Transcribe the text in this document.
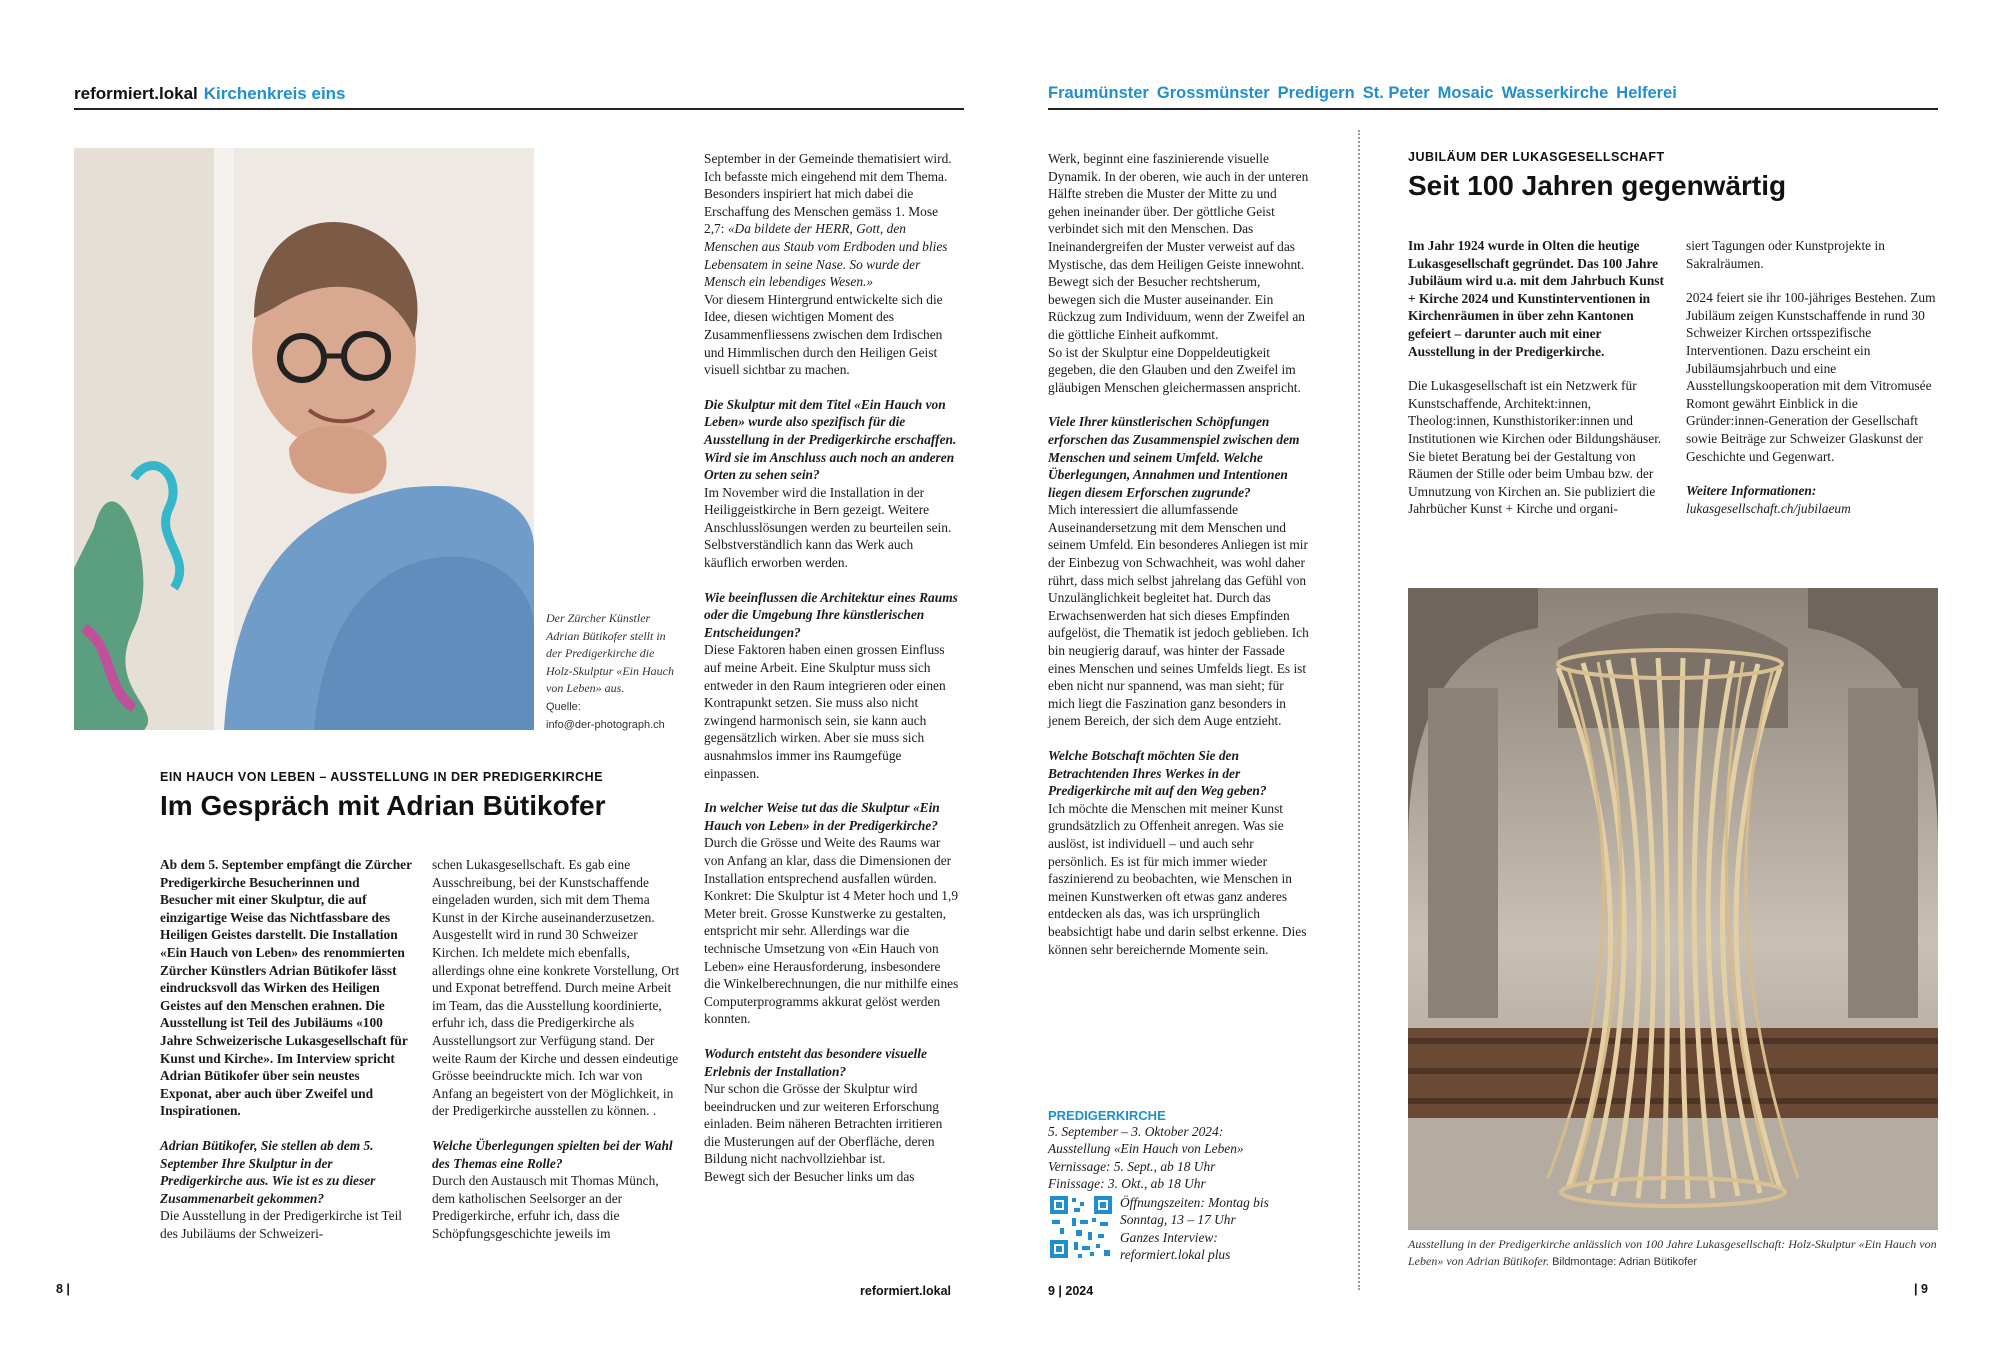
reformiert.lokal Kirchenkreis eins	Fraumünster Grossmünster Predigern St. Peter Mosaic Wasserkirche Helferei
Der Zürcher Künstler Adrian Bütikofer stellt in der Predigerkirche die Holz-Skulptur «Ein Hauch von Leben» aus.
Quelle:
info@der-photograph.ch
EIN HAUCH VON LEBEN – AUSSTELLUNG IN DER PREDIGERKIRCHE
Im Gespräch mit Adrian Bütikofer

Ab dem 5. September empfängt die Zürcher Predigerkirche Besucherinnen und Besucher mit einer Skulptur, die auf einzigartige Weise das Nichtfassbare des Heiligen Geistes darstellt. Die Installation «Ein Hauch von Leben» des renommierten Zürcher Künstlers Adrian Bütikofer lässt eindrucksvoll das Wirken des Heiligen Geistes auf den Menschen erahnen. Die Ausstellung ist Teil des Jubiläums «100 Jahre Schweizerische Lukasgesellschaft für Kunst und Kirche». Im Interview spricht Adrian Bütikofer über sein neustes Exponat, aber auch über Zweifel und Inspirationen.

Adrian Bütikofer, Sie stellen ab dem 5. September Ihre Skulptur in der Predigerkirche aus. Wie ist es zu dieser Zusammenarbeit gekommen?
Die Ausstellung in der Predigerkirche ist Teil des Jubiläums der Schweizeri-

schen Lukasgesellschaft. Es gab eine Ausschreibung, bei der Kunstschaffende eingeladen wurden, sich mit dem Thema Kunst in der Kirche auseinanderzusetzen. Ausgestellt wird in rund 30 Schweizer Kirchen. Ich meldete mich ebenfalls, allerdings ohne eine konkrete Vorstellung, Ort und Exponat betreffend. Durch meine Arbeit im Team, das die Ausstellung koordinierte, erfuhr ich, dass die Predigerkirche als Ausstellungsort zur Verfügung stand. Der weite Raum der Kirche und dessen eindeutige Grösse beeindruckte mich. Ich war von Anfang an begeistert von der Möglichkeit, in der Predigerkirche ausstellen zu können. .

Welche Überlegungen spielten bei der Wahl des Themas eine Rolle?
Durch den Austausch mit Thomas Münch, dem katholischen Seelsorger an der Predigerkirche, erfuhr ich, dass die Schöpfungsgeschichte jeweils im
September in der Gemeinde thematisiert wird. Ich befasste mich eingehend mit dem Thema. Besonders inspiriert hat mich dabei die Erschaffung des Menschen gemäss 1. Mose 2,7: «Da bildete der HERR, Gott, den Menschen aus Staub vom Erdboden und blies Lebensatem in seine Nase. So wurde der Mensch ein lebendiges Wesen.»

Vor diesem Hintergrund entwickelte sich die Idee, diesen wichtigen Moment des Zusammenfliessens zwischen dem Irdischen und Himmlischen durch den Heiligen Geist visuell sichtbar zu machen.

Die Skulptur mit dem Titel «Ein Hauch von Leben» wurde also spezifisch für die Ausstellung in der Predigerkirche erschaffen. Wird sie im Anschluss auch noch an anderen Orten zu sehen sein?

Im November wird die Installation in der Heiliggeistkirche in Bern gezeigt. Weitere Anschlusslösungen werden zu beurteilen sein. Selbstverständlich kann das Werk auch käuflich erworben werden.

Wie beeinflussen die Architektur eines Raums oder die Umgebung Ihre künstlerischen Entscheidungen?

Diese Faktoren haben einen grossen Einfluss auf meine Arbeit. Eine Skulptur muss sich entweder in den Raum integrieren oder einen Kontrapunkt setzen. Sie muss also nicht zwingend harmonisch sein, sie kann auch gegensätzlich wirken. Aber sie muss sich ausnahmslos immer ins Raumgefüge einpassen.

In welcher Weise tut das die Skulptur «Ein Hauch von Leben» in der Predigerkirche?

Durch die Grösse und Weite des Raums war von Anfang an klar, dass die Dimensionen der Installation entsprechend ausfallen würden. Konkret: Die Skulptur ist 4 Meter hoch und 1,9 Meter breit. Grosse Kunstwerke zu gestalten, entspricht mir sehr. Allerdings war die technische Umsetzung von «Ein Hauch von Leben» eine Herausforderung, insbesondere die Winkelberechnungen, die nur mithilfe eines Computerprogramms akkurat gelöst werden konnten.

Wodurch entsteht das besondere visuelle Erlebnis der Installation?
Nur schon die Grösse der Skulptur wird beeindrucken und zur weiteren Erforschung einladen. Beim näheren Betrachten irritieren die Musterungen auf der Oberfläche, deren Bildung nicht nachvollziehbar ist.
Bewegt sich der Besucher links um das
8 |	reformiert.lokal
Werk, beginnt eine faszinierende visuelle Dynamik. In der oberen, wie auch in der unteren Hälfte streben die Muster der Mitte zu und gehen ineinander über. Der göttliche Geist verbindet sich mit den Menschen. Das Ineinandergreifen der Muster verweist auf das Mystische, das dem Heiligen Geiste innewohnt.
Bewegt sich der Besucher rechtsherum, bewegen sich die Muster auseinander. Ein Rückzug zum Individuum, wenn der Zweifel an die göttliche Einheit aufkommt.

So ist der Skulptur eine Doppeldeutigkeit gegeben, die den Glauben und den Zweifel im gläubigen Menschen gleichermassen anspricht.

Viele Ihrer künstlerischen Schöpfungen erforschen das Zusammenspiel zwischen dem Menschen und seinem Umfeld. Welche Überlegungen, Annahmen und Intentionen liegen diesem Erforschen zugrunde?

Mich interessiert die allumfassende Auseinandersetzung mit dem Menschen und seinem Umfeld. Ein besonderes Anliegen ist mir der Einbezug von Schwachheit, was wohl daher rührt, dass mich selbst jahrelang das Gefühl von Unzulänglichkeit begleitet hat. Durch das Erwachsenwerden hat sich dieses Empfinden aufgelöst, die Thematik ist jedoch geblieben. Ich bin neugierig darauf, was hinter der Fassade eines Menschen und seines Umfelds liegt. Es ist eben nicht nur spannend, was man sieht; für mich liegt die Faszination ganz besonders in jenem Bereich, der sich dem Auge entzieht.

Welche Botschaft möchten Sie den Betrachtenden Ihres Werkes in der Predigerkirche mit auf den Weg geben?

Ich möchte die Menschen mit meiner Kunst grundsätzlich zu Offenheit anregen. Was sie auslöst, ist individuell – und auch sehr persönlich. Es ist für mich immer wieder faszinierend zu beobachten, wie Menschen in meinen Kunstwerken oft etwas ganz anderes entdecken als das, was ich ursprünglich beabsichtigt habe und darin selbst erkenne. Dies können sehr bereichernde Momente sein.

PREDIGERKIRCHE
5. September – 3. Oktober 2024:
Ausstellung «Ein Hauch von Leben»
Vernissage: 5. Sept., ab 18 Uhr
Finissage: 3. Okt., ab 18 Uhr
Öffnungszeiten: Montag bis
Sonntag, 13 – 17 Uhr
Ganzes Interview:
reformiert.lokal plus
9 | 2024
JUBILÄUM DER LUKASGESELLSCHAFT
Seit 100 Jahren gegenwärtig

Im Jahr 1924 wurde in Olten die heutige Lukasgesellschaft gegründet. Das 100 Jahre Jubiläum wird u.a. mit dem Jahrbuch Kunst + Kirche 2024 und Kunstinterventionen in Kirchenräumen in über zehn Kantonen gefeiert – darunter auch mit einer Ausstellung in der Predigerkirche.

Die Lukasgesellschaft ist ein Netzwerk für Kunstschaffende, Architekt:innen, Theolog:innen, Kunsthistoriker:innen und Institutionen wie Kirchen oder Bildungshäuser. Sie bietet Beratung bei der Gestaltung von Räumen der Stille oder beim Umbau bzw. der Umnutzung von Kirchen an. Sie publiziert die Jahrbücher Kunst + Kirche und organi-

siert Tagungen oder Kunstprojekte in Sakralräumen.

2024 feiert sie ihr 100-jähriges Bestehen. Zum Jubiläum zeigen Kunstschaffende in rund 30 Schweizer Kirchen ortsspezifische Interventionen. Dazu erscheint ein Jubiläumsjahrbuch und eine Ausstellungskooperation mit dem Vitromusée Romont gewährt Einblick in die Gründer:innen-Generation der Gesellschaft sowie Beiträge zur Schweizer Glaskunst der Geschichte und Gegenwart.

Weitere Informationen:
lukasgesellschaft.ch/jubilaeum
Ausstellung in der Predigerkirche anlässlich von 100 Jahre Lukasgesellschaft: Holz-Skulptur «Ein Hauch von Leben» von Adrian Bütikofer. Bildmontage: Adrian Bütikofer
| 9
